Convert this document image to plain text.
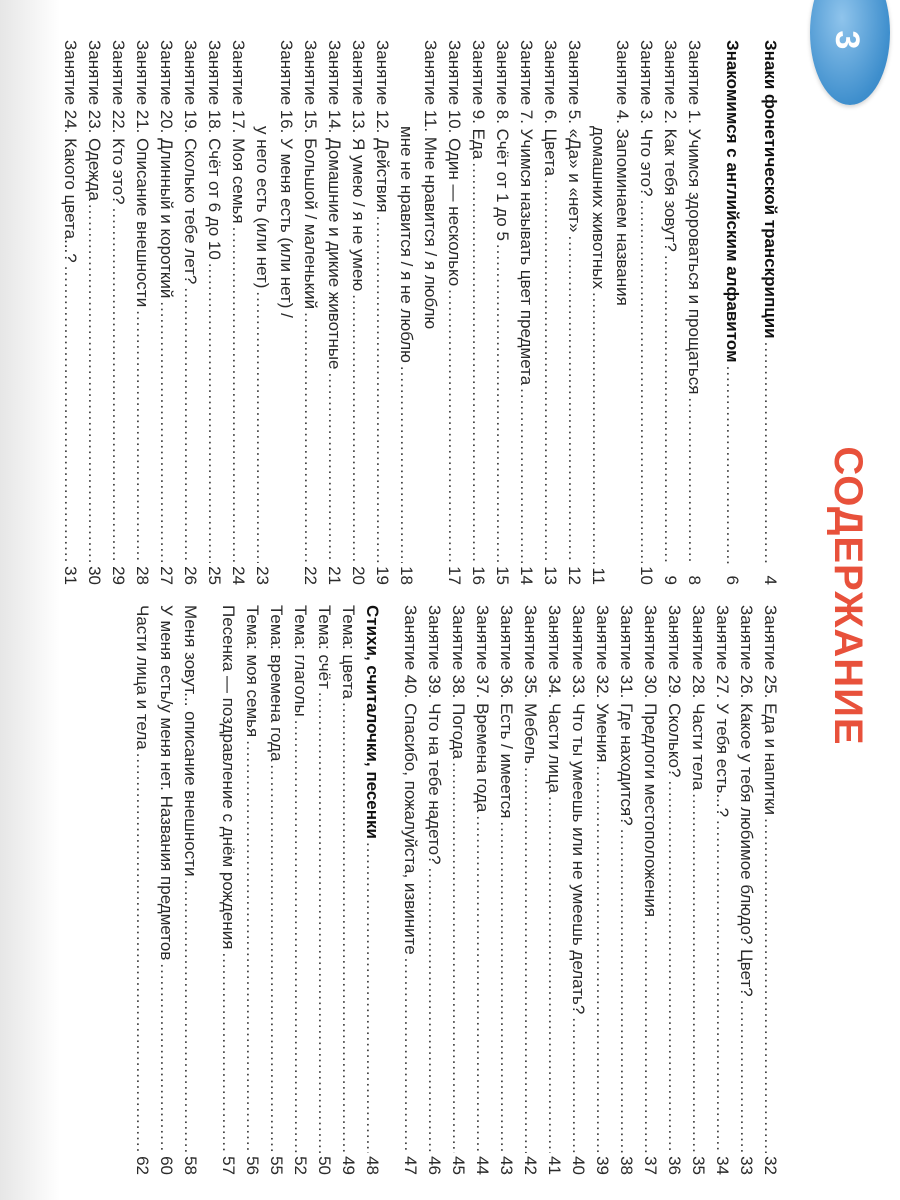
3
СОДЕРЖАНИЕ
Знаки фонетической транскрипции
.....
4
Знакомимся с английским алфавитом
.....
6
Занятие 1. Учимся здороваться и прощаться
.....
8
Занятие 2. Как тебя зовут?
.....
9
Занятие 3. Что это?
.....
10
Занятие 4. Запоминаем названия
домашних животных
.....
11
Занятие 5. «Да» и «нет»
.....
12
Занятие 6. Цвета
.....
13
Занятие 7. Учимся называть цвет предмета
.....
14
Занятие 8. Счёт от 1 до 5
.....
15
Занятие 9. Еда
.....
16
Занятие 10. Один — несколько
.....
17
Занятие 11. Мне нравится / я люблю
мне не нравится / я не люблю
.....
18
Занятие 12. Действия
.....
19
Занятие 13. Я умею / я не умею
.....
20
Занятие 14. Домашние и дикие животные
.....
21
Занятие 15. Большой / маленький
.....
22
Занятие 16. У меня есть (или нет) /
у него есть (или нет)
.....
23
Занятие 17. Моя семья
.....
24
Занятие 18. Счёт от 6 до 10
.....
25
Занятие 19. Сколько тебе лет?
.....
26
Занятие 20. Длинный и короткий
.....
27
Занятие 21. Описание внешности
.....
28
Занятие 22. Кто это?
.....
29
Занятие 23. Одежда
.....
30
Занятие 24. Какого цвета...?
.....
31
Занятие 25. Еда и напитки
.....
32
Занятие 26. Какое у тебя любимое блюдо? Цвет?
.....
33
Занятие 27. У тебя есть...?
.....
34
Занятие 28. Части тела
.....
35
Занятие 29. Сколько?
.....
36
Занятие 30. Предлоги местоположения
.....
37
Занятие 31. Где находится?
.....
38
Занятие 32. Умения
.....
39
Занятие 33. Что ты умеешь или не умеешь делать?
.....
40
Занятие 34. Части лица
.....
41
Занятие 35. Мебель
.....
42
Занятие 36. Есть / имеется
.....
43
Занятие 37. Времена года
.....
44
Занятие 38. Погода
.....
45
Занятие 39. Что на тебе надето?
.....
46
Занятие 40. Спасибо, пожалуйста, извините
.....
47
Стихи, считалочки, песенки
.....
48
Тема: цвета
.....
49
Тема: счёт
.....
50
Тема: глаголы
.....
52
Тема: времена года
.....
55
Тема: моя семья
.....
56
Песенка — поздравление с днём рождения
.....
57
Меня зовут... описание внешности
.....
58
У меня есть/у меня нет. Названия предметов
.....
60
Части лица и тела
.....
62
